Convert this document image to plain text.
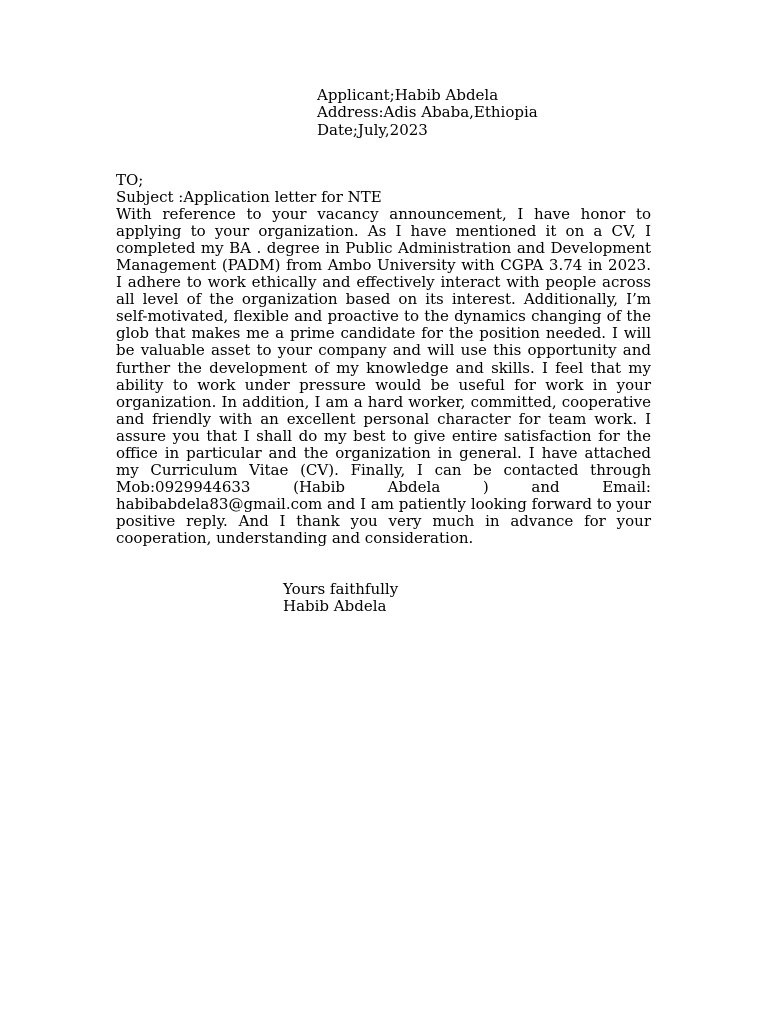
Applicant;Habib Abdela
Address:Adis Ababa,Ethiopia
Date;July,2023
TO;
Subject :Application letter for NTE
With reference to your vacancy announcement, I have honor to applying to your organization. As I have mentioned it on a CV, I completed my BA . degree in Public Administration and Development Management (PADM) from Ambo University with CGPA 3.74 in 2023. I adhere to work ethically and effectively interact with people across all level of the organization based on its interest. Additionally, I’m self-motivated, flexible and proactive to the dynamics changing of the glob that makes me a prime candidate for the position needed. I will be valuable asset to your company and will use this opportunity and further the development of my knowledge and skills. I feel that my ability to work under pressure would be useful for work in your organization. In addition, I am a hard worker, committed, cooperative and friendly with an excellent personal character for team work. I assure you that I shall do my best to give entire satisfaction for the office in particular and the organization in general. I have attached my Curriculum Vitae (CV). Finally, I can be contacted through Mob:0929944633 (Habib Abdela ) and Email: habibabdela83@gmail.com and I am patiently looking forward to your positive reply. And I thank you very much in advance for your cooperation, understanding and consideration.
Yours faithfully
Habib Abdela
